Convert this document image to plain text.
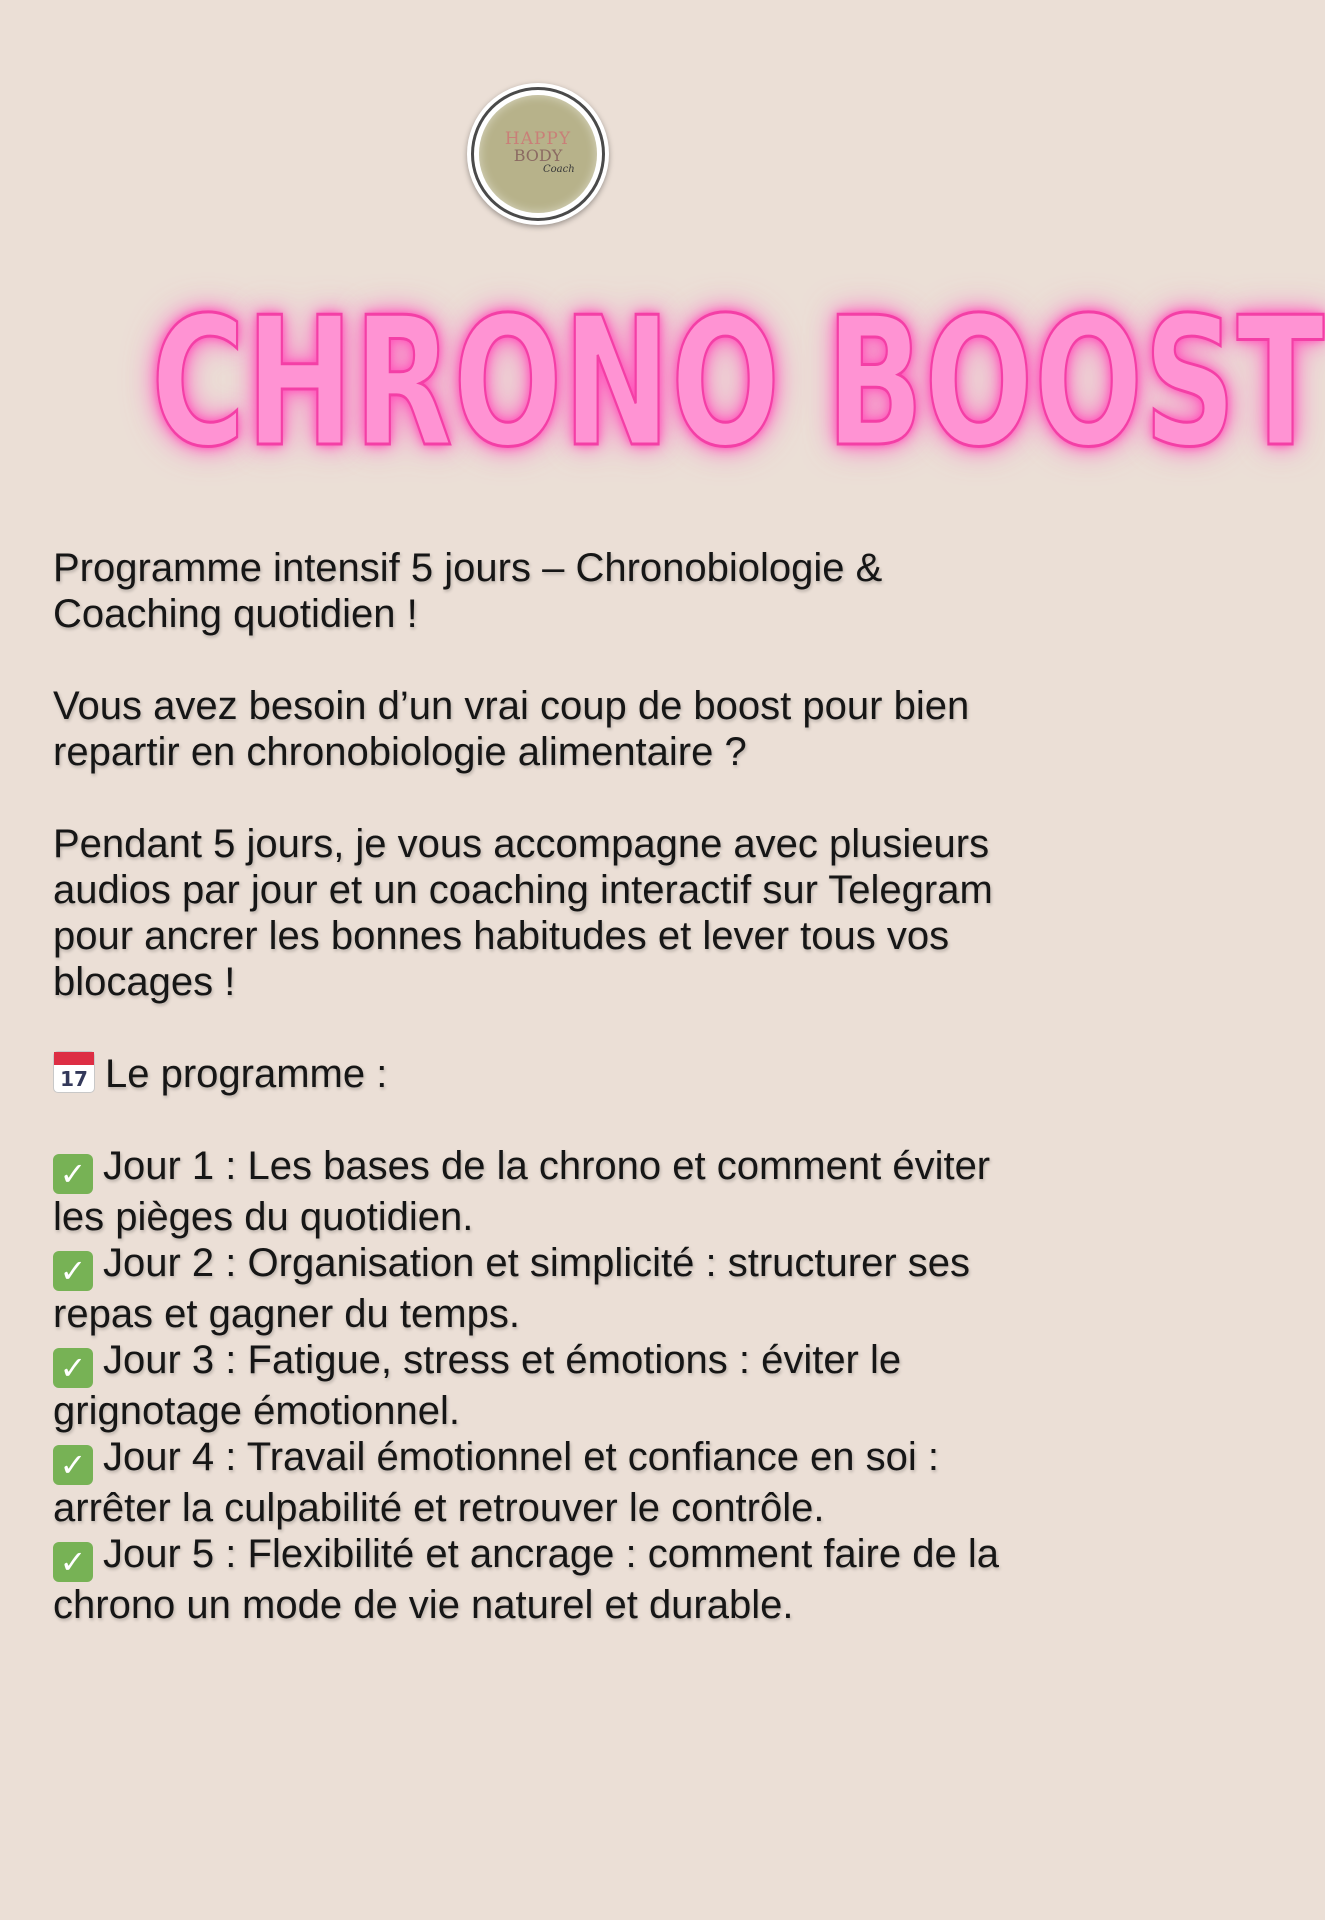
HAPPY
BODY
Coach
CHRONO BOOST

Programme intensif 5 jours – Chronobiologie & Coaching quotidien !

Vous avez besoin d’un vrai coup de boost pour bien repartir en chronobiologie alimentaire ?

Pendant 5 jours, je vous accompagne avec plusieurs audios par jour et un coaching interactif sur Telegram pour ancrer les bonnes habitudes et lever tous vos blocages !

17 Le programme :

✓ Jour 1 : Les bases de la chrono et comment éviter les pièges du quotidien.
✓ Jour 2 : Organisation et simplicité : structurer ses repas et gagner du temps.
✓ Jour 3 : Fatigue, stress et émotions : éviter le grignotage émotionnel.
✓ Jour 4 : Travail émotionnel et confiance en soi : arrêter la culpabilité et retrouver le contrôle.
✓ Jour 5 : Flexibilité et ancrage : comment faire de la chrono un mode de vie naturel et durable.
